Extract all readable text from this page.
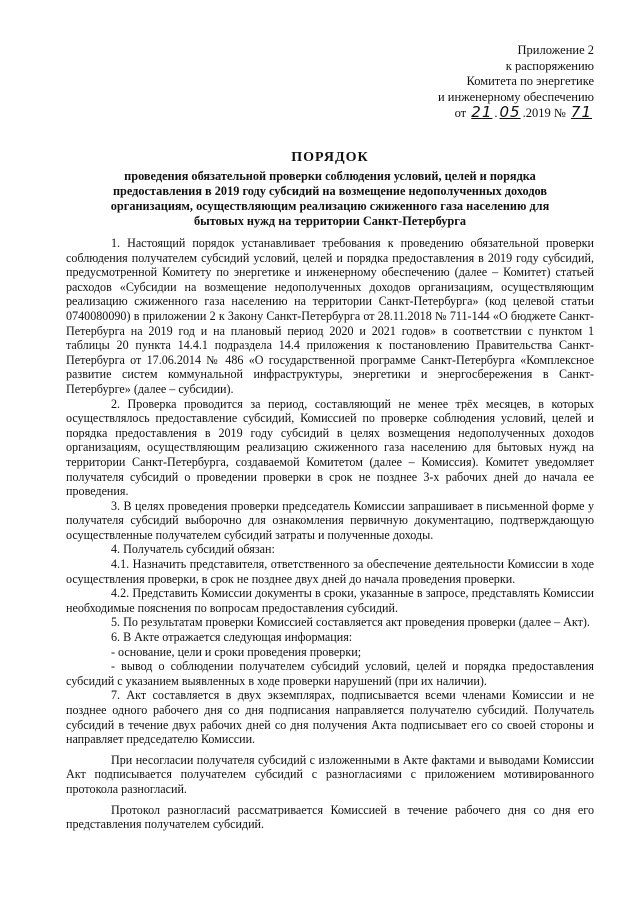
Приложение 2
к распоряжению
Комитета по энергетике
и инженерному обеспечению
от 21 . 05 .2019 № 71
ПОРЯДОК
проведения обязательной проверки соблюдения условий, целей и порядка предоставления в 2019 году субсидий на возмещение недополученных доходов организациям, осуществляющим реализацию сжиженного газа населению для бытовых нужд на территории Санкт-Петербурга

1. Настоящий порядок устанавливает требования к проведению обязательной проверки соблюдения получателем субсидий условий, целей и порядка предоставления в 2019 году субсидий, предусмотренной Комитету по энергетике и инженерному обеспечению (далее – Комитет) статьей расходов «Субсидии на возмещение недополученных доходов организациям, осуществляющим реализацию сжиженного газа населению на территории Санкт-Петербурга» (код целевой статьи 0740080090) в приложении 2 к Закону Санкт-Петербурга от 28.11.2018 № 711-144 «О бюджете Санкт-Петербурга на 2019 год и на плановый период 2020 и 2021 годов» в соответствии с пунктом 1 таблицы 20 пункта 14.4.1 подраздела 14.4 приложения к постановлению Правительства Санкт-Петербурга от 17.06.2014 № 486 «О государственной программе Санкт-Петербурга «Комплексное развитие систем коммунальной инфраструктуры, энергетики и энергосбережения в Санкт-Петербурге» (далее – субсидии).

2. Проверка проводится за период, составляющий не менее трёх месяцев, в которых осуществлялось предоставление субсидий, Комиссией по проверке соблюдения условий, целей и порядка предоставления в 2019 году субсидий в целях возмещения недополученных доходов организациям, осуществляющим реализацию сжиженного газа населению для бытовых нужд на территории Санкт-Петербурга, создаваемой Комитетом (далее – Комиссия). Комитет уведомляет получателя субсидий о проведении проверки в срок не позднее 3-х рабочих дней до начала ее проведения.

3. В целях проведения проверки председатель Комиссии запрашивает в письменной форме у получателя субсидий выборочно для ознакомления первичную документацию, подтверждающую осуществленные получателем субсидий затраты и полученные доходы.

4. Получатель субсидий обязан:

4.1. Назначить представителя, ответственного за обеспечение деятельности Комиссии в ходе осуществления проверки, в срок не позднее двух дней до начала проведения проверки.

4.2. Представить Комиссии документы в сроки, указанные в запросе, представлять Комиссии необходимые пояснения по вопросам предоставления субсидий.

5. По результатам проверки Комиссией составляется акт проведения проверки (далее – Акт).

6. В Акте отражается следующая информация:

- основание, цели и сроки проведения проверки;

- вывод о соблюдении получателем субсидий условий, целей и порядка предоставления субсидий с указанием выявленных в ходе проверки нарушений (при их наличии).

7. Акт составляется в двух экземплярах, подписывается всеми членами Комиссии и не позднее одного рабочего дня со дня подписания направляется получателю субсидий. Получатель субсидий в течение двух рабочих дней со дня получения Акта подписывает его со своей стороны и направляет председателю Комиссии.

При несогласии получателя субсидий с изложенными в Акте фактами и выводами Комиссии Акт подписывается получателем субсидий с разногласиями с приложением мотивированного протокола разногласий.

Протокол разногласий рассматривается Комиссией в течение рабочего дня со дня его представления получателем субсидий.
